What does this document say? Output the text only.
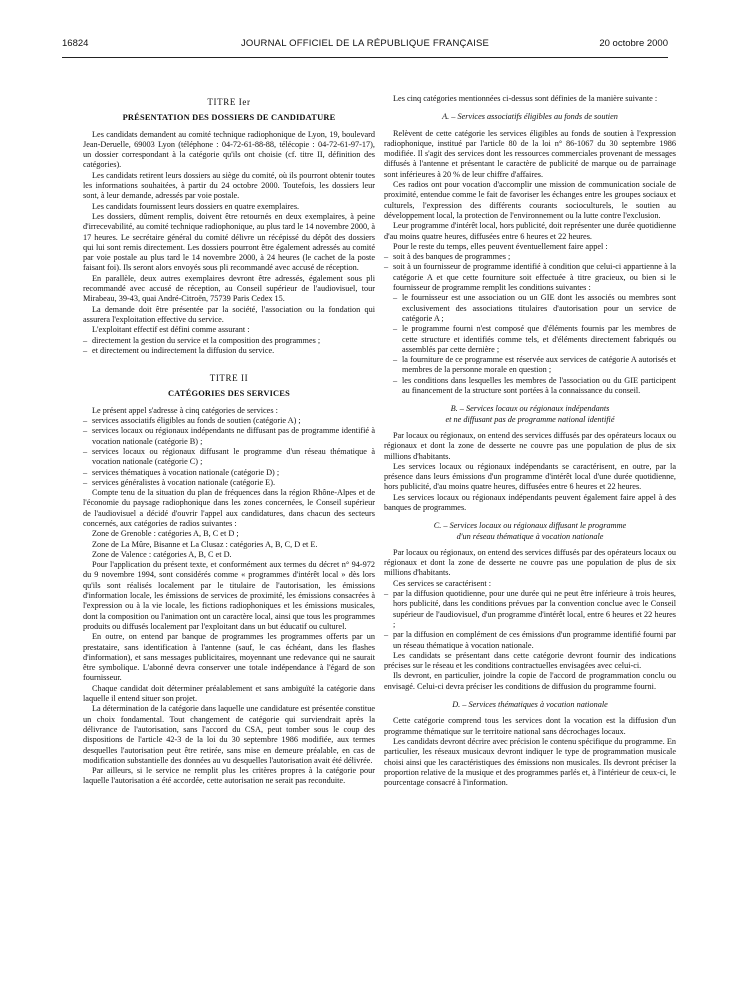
16824	JOURNAL OFFICIEL DE LA RÉPUBLIQUE FRANÇAISE	20 octobre 2000
TITRE Ier
PRÉSENTATION DES DOSSIERS DE CANDIDATURE

Les candidats demandent au comité technique radiophonique de Lyon, 19, boulevard Jean-Deruelle, 69003 Lyon (téléphone : 04-72-61-88-88, télécopie : 04-72-61-97-17), un dossier correspondant à la catégorie qu'ils ont choisie (cf. titre II, définition des catégories).

Les candidats retirent leurs dossiers au siège du comité, où ils pourront obtenir toutes les informations souhaitées, à partir du 24 octobre 2000. Toutefois, les dossiers leur sont, à leur demande, adressés par voie postale.

Les candidats fournissent leurs dossiers en quatre exemplaires.

Les dossiers, dûment remplis, doivent être retournés en deux exemplaires, à peine d'irrecevabilité, au comité technique radiophonique, au plus tard le 14 novembre 2000, à 17 heures. Le secrétaire général du comité délivre un récépissé du dépôt des dossiers qui lui sont remis directement. Les dossiers pourront être également adressés au comité par voie postale au plus tard le 14 novembre 2000, à 24 heures (le cachet de la poste faisant foi). Ils seront alors envoyés sous pli recommandé avec accusé de réception.

En parallèle, deux autres exemplaires devront être adressés, également sous pli recommandé avec accusé de réception, au Conseil supérieur de l'audiovisuel, tour Mirabeau, 39-43, quai André-Citroën, 75739 Paris Cedex 15.

La demande doit être présentée par la société, l'association ou la fondation qui assurera l'exploitation effective du service.

L'exploitant effectif est défini comme assurant :

– directement la gestion du service et la composition des programmes ;

– et directement ou indirectement la diffusion du service.

TITRE II
CATÉGORIES DES SERVICES

Le présent appel s'adresse à cinq catégories de services :

– services associatifs éligibles au fonds de soutien (catégorie A) ;

– services locaux ou régionaux indépendants ne diffusant pas de programme identifié à vocation nationale (catégorie B) ;

– services locaux ou régionaux diffusant le programme d'un réseau thématique à vocation nationale (catégorie C) ;

– services thématiques à vocation nationale (catégorie D) ;

– services généralistes à vocation nationale (catégorie E).

Compte tenu de la situation du plan de fréquences dans la région Rhône-Alpes et de l'économie du paysage radiophonique dans les zones concernées, le Conseil supérieur de l'audiovisuel a décidé d'ouvrir l'appel aux candidatures, dans chacun des secteurs concernés, aux catégories de radios suivantes :

Zone de Grenoble : catégories A, B, C et D ;

Zone de La Mûre, Bisanne et La Clusaz : catégories A, B, C, D et E.

Zone de Valence : catégories A, B, C et D.

Pour l'application du présent texte, et conformément aux termes du décret n° 94-972 du 9 novembre 1994, sont considérés comme « programmes d'intérêt local » dès lors qu'ils sont réalisés localement par le titulaire de l'autorisation, les émissions d'information locale, les émissions de services de proximité, les émissions consacrées à l'expression ou à la vie locale, les fictions radiophoniques et les émissions musicales, dont la composition ou l'animation ont un caractère local, ainsi que tous les programmes produits ou diffusés localement par l'exploitant dans un but éducatif ou culturel.

En outre, on entend par banque de programmes les programmes offerts par un prestataire, sans identification à l'antenne (sauf, le cas échéant, dans les flashes d'information), et sans messages publicitaires, moyennant une redevance qui ne saurait être symbolique. L'abonné devra conserver une totale indépendance à l'égard de son fournisseur.

Chaque candidat doit déterminer préalablement et sans ambiguïté la catégorie dans laquelle il entend situer son projet.

La détermination de la catégorie dans laquelle une candidature est présentée constitue un choix fondamental. Tout changement de catégorie qui surviendrait après la délivrance de l'autorisation, sans l'accord du CSA, peut tomber sous le coup des dispositions de l'article 42-3 de la loi du 30 septembre 1986 modifiée, aux termes desquelles l'autorisation peut être retirée, sans mise en demeure préalable, en cas de modification substantielle des données au vu desquelles l'autorisation avait été délivrée.

Par ailleurs, si le service ne remplit plus les critères propres à la catégorie pour laquelle l'autorisation a été accordée, cette autorisation ne serait pas reconduite.

Les cinq catégories mentionnées ci-dessus sont définies de la manière suivante :

A. – Services associatifs éligibles au fonds de soutien

Relèvent de cette catégorie les services éligibles au fonds de soutien à l'expression radiophonique, institué par l'article 80 de la loi n° 86-1067 du 30 septembre 1986 modifiée. Il s'agit des services dont les ressources commerciales provenant de messages diffusés à l'antenne et présentant le caractère de publicité de marque ou de parrainage sont inférieures à 20 % de leur chiffre d'affaires.

Ces radios ont pour vocation d'accomplir une mission de communication sociale de proximité, entendue comme le fait de favoriser les échanges entre les groupes sociaux et culturels, l'expression des différents courants socioculturels, le soutien au développement local, la protection de l'environnement ou la lutte contre l'exclusion.

Leur programme d'intérêt local, hors publicité, doit représenter une durée quotidienne d'au moins quatre heures, diffusées entre 6 heures et 22 heures.

Pour le reste du temps, elles peuvent éventuellement faire appel :

– soit à des banques de programmes ;

– soit à un fournisseur de programme identifié à condition que celui-ci appartienne à la catégorie A et que cette fourniture soit effectuée à titre gracieux, ou bien si le fournisseur de programme remplit les conditions suivantes :

– le fournisseur est une association ou un GIE dont les associés ou membres sont exclusivement des associations titulaires d'autorisation pour un service de catégorie A ;

– le programme fourni n'est composé que d'éléments fournis par les membres de cette structure et identifiés comme tels, et d'éléments directement fabriqués ou assemblés par cette dernière ;

– la fourniture de ce programme est réservée aux services de catégorie A autorisés et membres de la personne morale en question ;

– les conditions dans lesquelles les membres de l'association ou du GIE participent au financement de la structure sont portées à la connaissance du conseil.

B. – Services locaux ou régionaux indépendants
et ne diffusant pas de programme national identifié

Par locaux ou régionaux, on entend des services diffusés par des opérateurs locaux ou régionaux et dont la zone de desserte ne couvre pas une population de plus de six millions d'habitants.

Les services locaux ou régionaux indépendants se caractérisent, en outre, par la présence dans leurs émissions d'un programme d'intérêt local d'une durée quotidienne, hors publicité, d'au moins quatre heures, diffusées entre 6 heures et 22 heures.

Les services locaux ou régionaux indépendants peuvent également faire appel à des banques de programmes.

C. – Services locaux ou régionaux diffusant le programme
d'un réseau thématique à vocation nationale

Par locaux ou régionaux, on entend des services diffusés par des opérateurs locaux ou régionaux et dont la zone de desserte ne couvre pas une population de plus de six millions d'habitants.

Ces services se caractérisent :

– par la diffusion quotidienne, pour une durée qui ne peut être inférieure à trois heures, hors publicité, dans les conditions prévues par la convention conclue avec le Conseil supérieur de l'audiovisuel, d'un programme d'intérêt local, entre 6 heures et 22 heures ;

– par la diffusion en complément de ces émissions d'un programme identifié fourni par un réseau thématique à vocation nationale.

Les candidats se présentant dans cette catégorie devront fournir des indications précises sur le réseau et les conditions contractuelles envisagées avec celui-ci.

Ils devront, en particulier, joindre la copie de l'accord de programmation conclu ou envisagé. Celui-ci devra préciser les conditions de diffusion du programme fourni.

D. – Services thématiques à vocation nationale

Cette catégorie comprend tous les services dont la vocation est la diffusion d'un programme thématique sur le territoire national sans décrochages locaux.

Les candidats devront décrire avec précision le contenu spécifique du programme. En particulier, les réseaux musicaux devront indiquer le type de programmation musicale choisi ainsi que les caractéristiques des émissions non musicales. Ils devront préciser la proportion relative de la musique et des programmes parlés et, à l'intérieur de ceux-ci, le pourcentage consacré à l'information.
